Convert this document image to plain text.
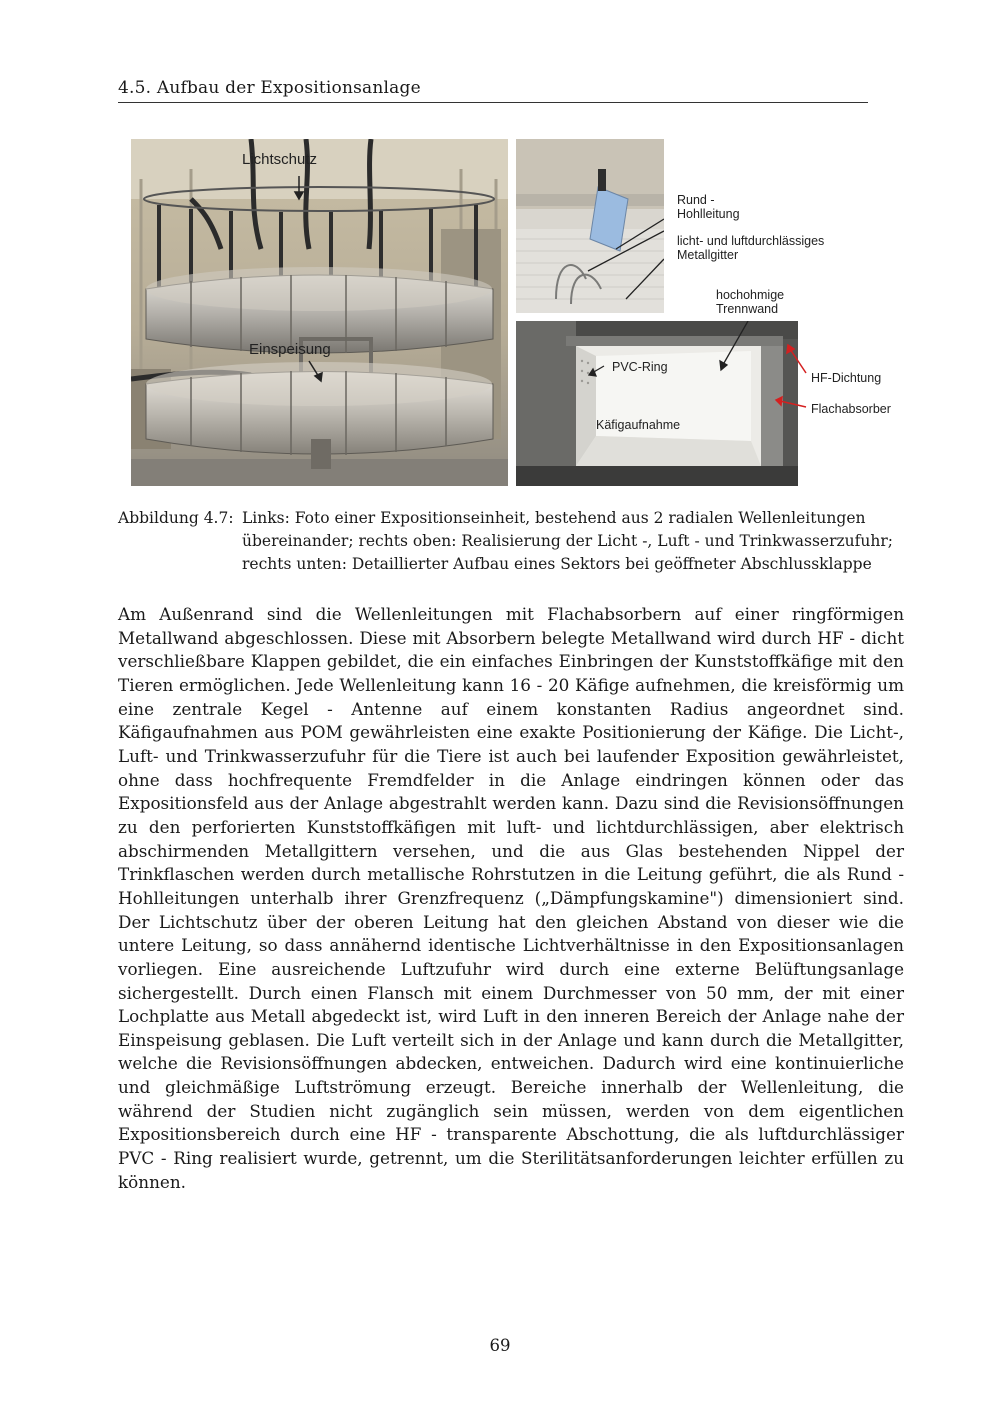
4.5. Aufbau der Expositionsanlage
Lichtschutz
Einspeisung
Rund -
Hohlleitung
licht- und luftdurchlässiges
Metallgitter
hochohmige
Trennwand
PVC-Ring
Käfigaufnahme
HF-Dichtung
Flachabsorber
Abbildung 4.7: Links: Foto einer Expositionseinheit, bestehend aus 2 radialen Wellenleitungen übereinander; rechts oben: Realisierung der Licht -, Luft - und Trinkwasserzufuhr; rechts unten: Detaillierter Aufbau eines Sektors bei geöffneter Abschlussklappe

Am Außenrand sind die Wellenleitungen mit Flachabsorbern auf einer ringförmigen Metallwand abgeschlossen. Diese mit Absorbern belegte Metallwand wird durch HF - dicht verschließbare Klappen gebildet, die ein einfaches Einbringen der Kunststoffkäfige mit den Tieren ermöglichen. Jede Wellenleitung kann 16 - 20 Käfige aufnehmen, die kreisförmig um eine zentrale Kegel - Antenne auf einem konstanten Radius angeordnet sind. Käfigaufnahmen aus POM gewährleisten eine exakte Positionierung der Käfige. Die Licht-, Luft- und Trinkwasserzufuhr für die Tiere ist auch bei laufender Exposition gewährleistet, ohne dass hochfrequente Fremdfelder in die Anlage eindringen können oder das Expositionsfeld aus der Anlage abgestrahlt werden kann. Dazu sind die Revisionsöffnungen zu den perforierten Kunststoffkäfigen mit luft- und lichtdurchlässigen, aber elektrisch abschirmenden Metallgittern versehen, und die aus Glas bestehenden Nippel der Trinkflaschen werden durch metallische Rohrstutzen in die Leitung geführt, die als Rund - Hohlleitungen unterhalb ihrer Grenzfrequenz („Dämpfungskamine") dimensioniert sind. Der Lichtschutz über der oberen Leitung hat den gleichen Abstand von dieser wie die untere Leitung, so dass annähernd identische Lichtverhältnisse in den Expositionsanlagen vorliegen. Eine ausreichende Luftzufuhr wird durch eine externe Belüftungsanlage sichergestellt. Durch einen Flansch mit einem Durchmesser von 50 mm, der mit einer Lochplatte aus Metall abgedeckt ist, wird Luft in den inneren Bereich der Anlage nahe der Einspeisung geblasen. Die Luft verteilt sich in der Anlage und kann durch die Metallgitter, welche die Revisionsöffnungen abdecken, entweichen. Dadurch wird eine kontinuierliche und gleichmäßige Luftströmung erzeugt. Bereiche innerhalb der Wellenleitung, die während der Studien nicht zugänglich sein müssen, werden von dem eigentlichen Expositionsbereich durch eine HF - transparente Abschottung, die als luftdurchlässiger PVC - Ring realisiert wurde, getrennt, um die Sterilitätsanforderungen leichter erfüllen zu können.

69
